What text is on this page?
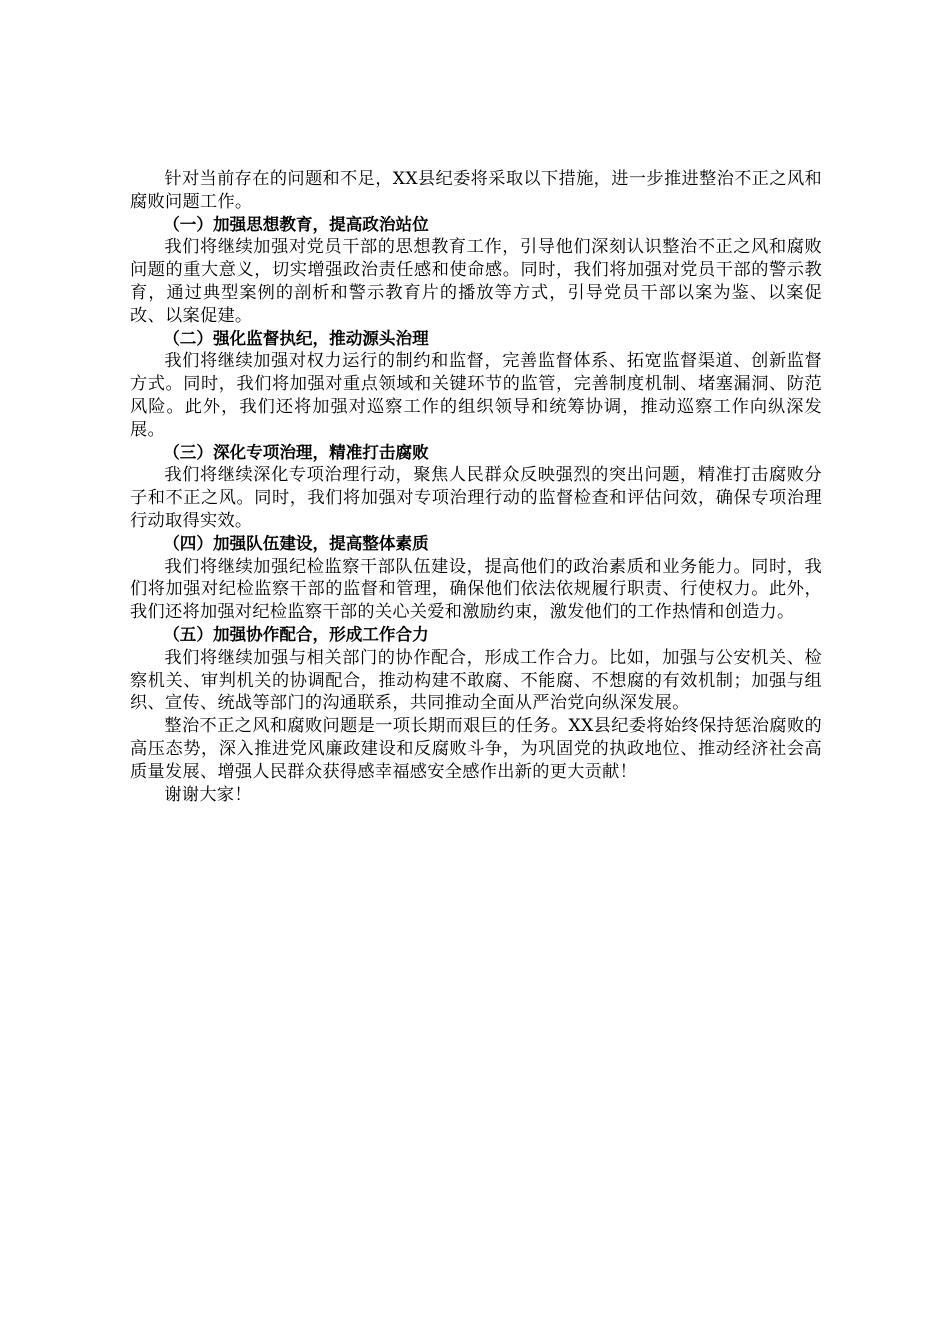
针对当前存在的问题和不足，XX县纪委将采取以下措施，进一步推进整治不正之风和腐败问题工作。

（一）加强思想教育，提高政治站位

我们将继续加强对党员干部的思想教育工作，引导他们深刻认识整治不正之风和腐败问题的重大意义，切实增强政治责任感和使命感。同时，我们将加强对党员干部的警示教育，通过典型案例的剖析和警示教育片的播放等方式，引导党员干部以案为鉴、以案促改、以案促建。

（二）强化监督执纪，推动源头治理

我们将继续加强对权力运行的制约和监督，完善监督体系、拓宽监督渠道、创新监督方式。同时，我们将加强对重点领域和关键环节的监管，完善制度机制、堵塞漏洞、防范风险。此外，我们还将加强对巡察工作的组织领导和统筹协调，推动巡察工作向纵深发展。

（三）深化专项治理，精准打击腐败

我们将继续深化专项治理行动，聚焦人民群众反映强烈的突出问题，精准打击腐败分子和不正之风。同时，我们将加强对专项治理行动的监督检查和评估问效，确保专项治理行动取得实效。

（四）加强队伍建设，提高整体素质

我们将继续加强纪检监察干部队伍建设，提高他们的政治素质和业务能力。同时，我们将加强对纪检监察干部的监督和管理，确保他们依法依规履行职责、行使权力。此外，我们还将加强对纪检监察干部的关心关爱和激励约束，激发他们的工作热情和创造力。

（五）加强协作配合，形成工作合力

我们将继续加强与相关部门的协作配合，形成工作合力。比如，加强与公安机关、检察机关、审判机关的协调配合，推动构建不敢腐、不能腐、不想腐的有效机制；加强与组织、宣传、统战等部门的沟通联系，共同推动全面从严治党向纵深发展。

整治不正之风和腐败问题是一项长期而艰巨的任务。XX县纪委将始终保持惩治腐败的高压态势，深入推进党风廉政建设和反腐败斗争，为巩固党的执政地位、推动经济社会高质量发展、增强人民群众获得感幸福感安全感作出新的更大贡献！

谢谢大家！
